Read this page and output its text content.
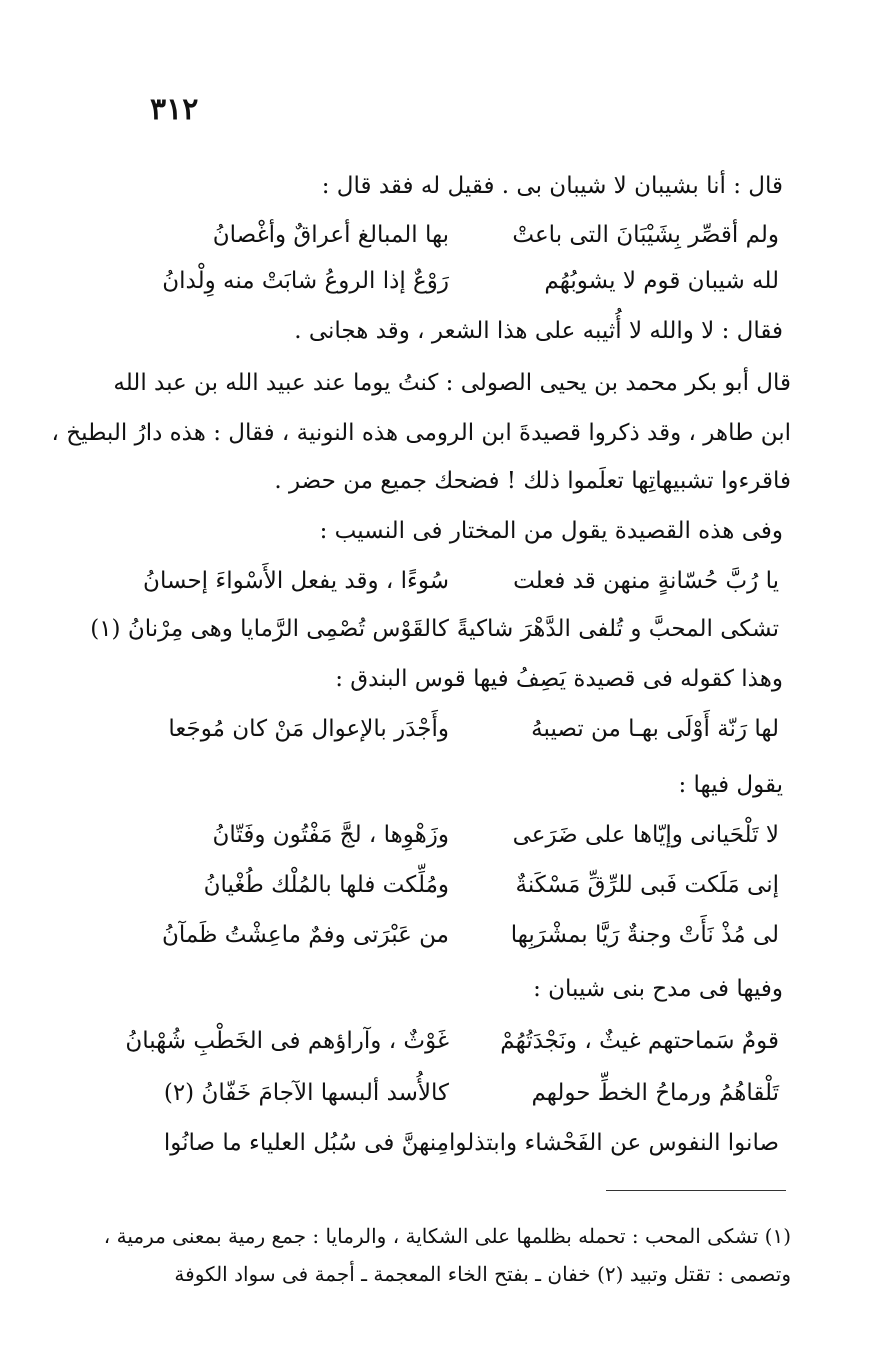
٣١٢
قال : أنا بشيبان لا شيبان بى . فقيل له فقد قال :
ولم أقصِّر بِشَيْبَانَ التى باعتْ
بها المبالغ أعراقٌ وأغْصانُ
لله شيبان قوم لا يشوبُهُم
رَوْعٌ إذا الروعُ شابَتْ منه وِلْدانُ
فقال : لا والله لا أُثيبه على هذا الشعر ، وقد هجانى .
قال أبو بكر محمد بن يحيى الصولى : كنتُ يوما عند عبيد الله بن عبد الله
ابن طاهر ، وقد ذكروا قصيدةَ ابن الرومى هذه النونية ، فقال : هذه دارُ البطيخ ،
فاقرءوا تشبيهاتِها تعلَموا ذلك ! فضحك جميع من حضر .
وفى هذه القصيدة يقول من المختار فى النسيب :
يا رُبَّ حُسّانةٍ منهن قد فعلت
سُوءًا ، وقد يفعل الأَسْواءَ إحسانُ
تشكى المحبَّ و تُلفى الدَّهْرَ شاكيةً
كالقَوْس تُصْمِى الرَّمايا وهى مِرْنانُ (١)
وهذا كقوله فى قصيدة يَصِفُ فيها قوس البندق :
لها رَنّة أَوْلَى بهـا من تصيبهُ
وأَجْدَر بالإعوال مَنْ كان مُوجَعا
يقول فيها :
لا تَلْحَيانى وإيّاها على ضَرَعى
وزَهْوِها ، لجَّ مَفْتُون وفَتّانُ
إنى مَلَكت فَبى للرِّقِّ مَسْكَنةٌ
ومُلِّكت فلها بالمُلْك طُغْيانُ
لى مُذْ نَأَتْ وجنةٌ رَيَّا بمشْرَبِها
من عَبْرَتى وفمٌ ماعِشْتُ ظَمآنُ
وفيها فى مدح بنى شيبان :
قومٌ سَماحتهم غيثٌ ، ونَجْدَتُهُمْ
غَوْثٌ ، وآراؤهم فى الخَطْبِ شُهْبانُ
تَلْقاهُمُ ورماحُ الخطِّ حولهم
كالأُسد ألبسها الآجامَ خَفّانُ (٢)
صانوا النفوس عن الفَحْشاء وابتذلوا
مِنهنَّ فى سُبُل العلياء ما صانُوا
(١) تشكى المحب : تحمله بظلمها على الشكاية ، والرمايا : جمع رمية بمعنى مرمية ،
وتصمى : تقتل وتبيد (٢) خفان ـ بفتح الخاء المعجمة ـ أجمة فى سواد الكوفة
